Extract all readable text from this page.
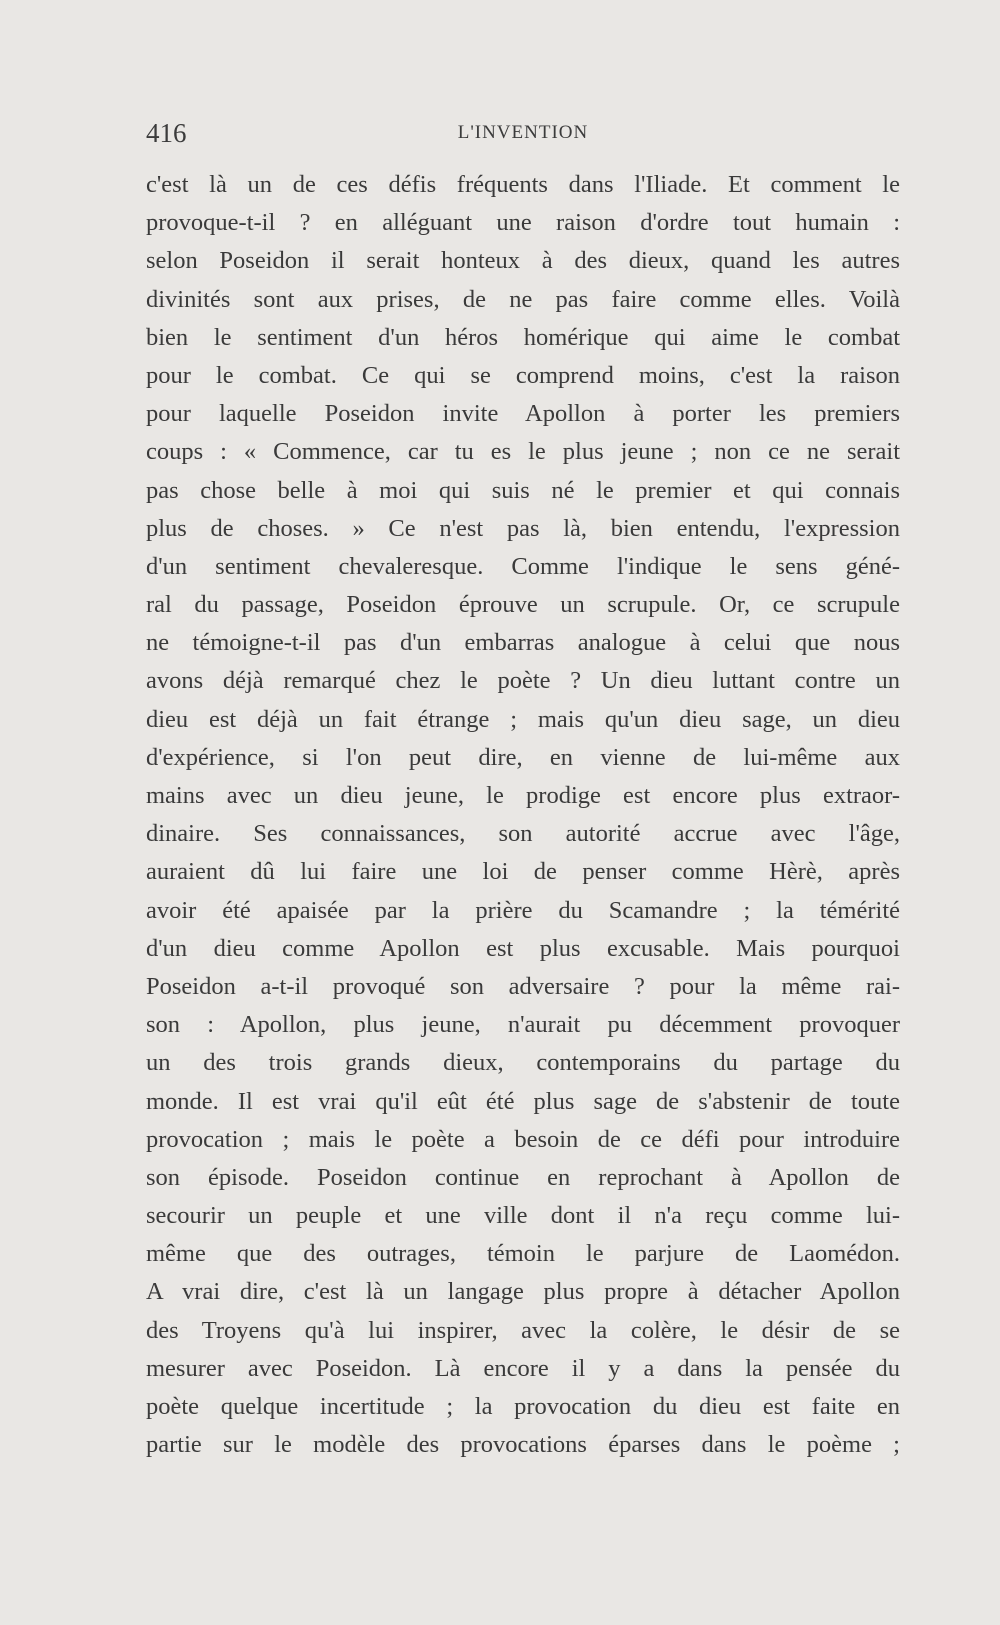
416	L'INVENTION
c'est là un de ces défis fréquents dans l'Iliade. Et comment le
provoque-t-il ? en alléguant une raison d'ordre tout humain :
selon Poseidon il serait honteux à des dieux, quand les autres
divinités sont aux prises, de ne pas faire comme elles. Voilà
bien le sentiment d'un héros homérique qui aime le combat
pour le combat. Ce qui se comprend moins, c'est la raison
pour laquelle Poseidon invite Apollon à porter les premiers
coups : « Commence, car tu es le plus jeune ; non ce ne serait
pas chose belle à moi qui suis né le premier et qui connais
plus de choses. » Ce n'est pas là, bien entendu, l'expression
d'un sentiment chevaleresque. Comme l'indique le sens géné-
ral du passage, Poseidon éprouve un scrupule. Or, ce scrupule
ne témoigne-t-il pas d'un embarras analogue à celui que nous
avons déjà remarqué chez le poète ? Un dieu luttant contre un
dieu est déjà un fait étrange ; mais qu'un dieu sage, un dieu
d'expérience, si l'on peut dire, en vienne de lui-même aux
mains avec un dieu jeune, le prodige est encore plus extraor-
dinaire. Ses connaissances, son autorité accrue avec l'âge,
auraient dû lui faire une loi de penser comme Hèrè, après
avoir été apaisée par la prière du Scamandre ; la témérité
d'un dieu comme Apollon est plus excusable. Mais pourquoi
Poseidon a-t-il provoqué son adversaire ? pour la même rai-
son : Apollon, plus jeune, n'aurait pu décemment provoquer
un des trois grands dieux, contemporains du partage du
monde. Il est vrai qu'il eût été plus sage de s'abstenir de toute
provocation ; mais le poète a besoin de ce défi pour introduire
son épisode. Poseidon continue en reprochant à Apollon de
secourir un peuple et une ville dont il n'a reçu comme lui-
même que des outrages, témoin le parjure de Laomédon.
A vrai dire, c'est là un langage plus propre à détacher Apollon
des Troyens qu'à lui inspirer, avec la colère, le désir de se
mesurer avec Poseidon. Là encore il y a dans la pensée du
poète quelque incertitude ; la provocation du dieu est faite en
partie sur le modèle des provocations éparses dans le poème ;
